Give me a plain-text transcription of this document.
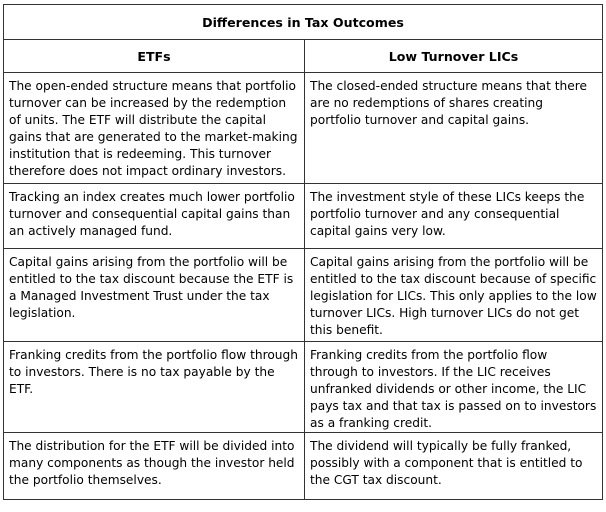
Differences in Tax Outcomes	
ETFs	Low Turnover LICs

The open-ended structure means that portfolio turnover can be increased by the redemption of units. The ETF will distribute the capital gains that are generated to the market-making institution that is redeeming. This turnover therefore does not impact ordinary investors.	The closed-ended structure means that there are no redemptions of shares creating portfolio turnover and capital gains.

Tracking an index creates much lower portfolio turnover and consequential capital gains than an actively managed fund.	The investment style of these LICs keeps the portfolio turnover and any consequential capital gains very low.

Capital gains arising from the portfolio will be entitled to the tax discount because the ETF is a Managed Investment Trust under the tax legislation.	Capital gains arising from the portfolio will be entitled to the tax discount because of specific legislation for LICs. This only applies to the low turnover LICs. High turnover LICs do not get this benefit.

Franking credits from the portfolio flow through to investors. There is no tax payable by the ETF.	Franking credits from the portfolio flow through to investors. If the LIC receives unfranked dividends or other income, the LIC pays tax and that tax is passed on to investors as a franking credit.

The distribution for the ETF will be divided into many components as though the investor held the portfolio themselves.	The dividend will typically be fully franked, possibly with a component that is entitled to the CGT tax discount.
